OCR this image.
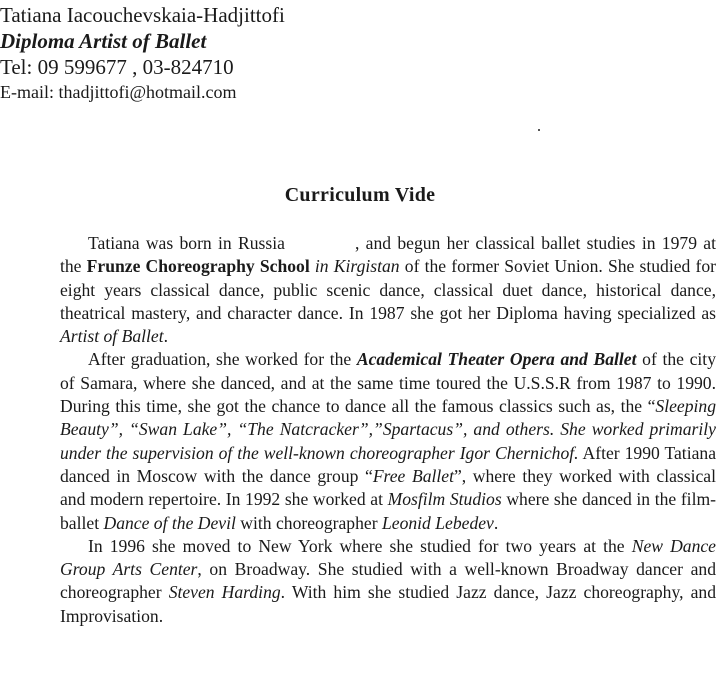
Tatiana Iacouchevskaia-Hadjittofi
Diploma Artist of Ballet
Tel: 09 599677 , 03-824710
E-mail: thadjittofi@hotmail.com
Curriculum Vide

Tatiana was born in Russia	, and begun her classical ballet studies in 1979 at the Frunze Choreography School in Kirgistan of the former Soviet Union. She studied for eight years classical dance, public scenic dance, classical duet dance, historical dance, theatrical mastery, and character dance. In 1987 she got her Diploma having specialized as Artist of Ballet.

After graduation, she worked for the Academical Theater Opera and Ballet of the city of Samara, where she danced, and at the same time toured the U.S.S.R from 1987 to 1990. During this time, she got the chance to dance all the famous classics such as, the “Sleeping Beauty”, “Swan Lake”, “The Natcracker”,”Spartacus”, and others. She worked primarily under the supervision of the well-known choreographer Igor Chernichof. After 1990 Tatiana danced in Moscow with the dance group “Free Ballet”, where they worked with classical and modern repertoire. In 1992 she worked at Mosfilm Studios where she danced in the film-ballet Dance of the Devil with choreographer Leonid Lebedev.

In 1996 she moved to New York where she studied for two years at the New Dance Group Arts Center, on Broadway. She studied with a well-known Broadway dancer and choreographer Steven Harding. With him she studied Jazz dance, Jazz choreography, and Improvisation.
